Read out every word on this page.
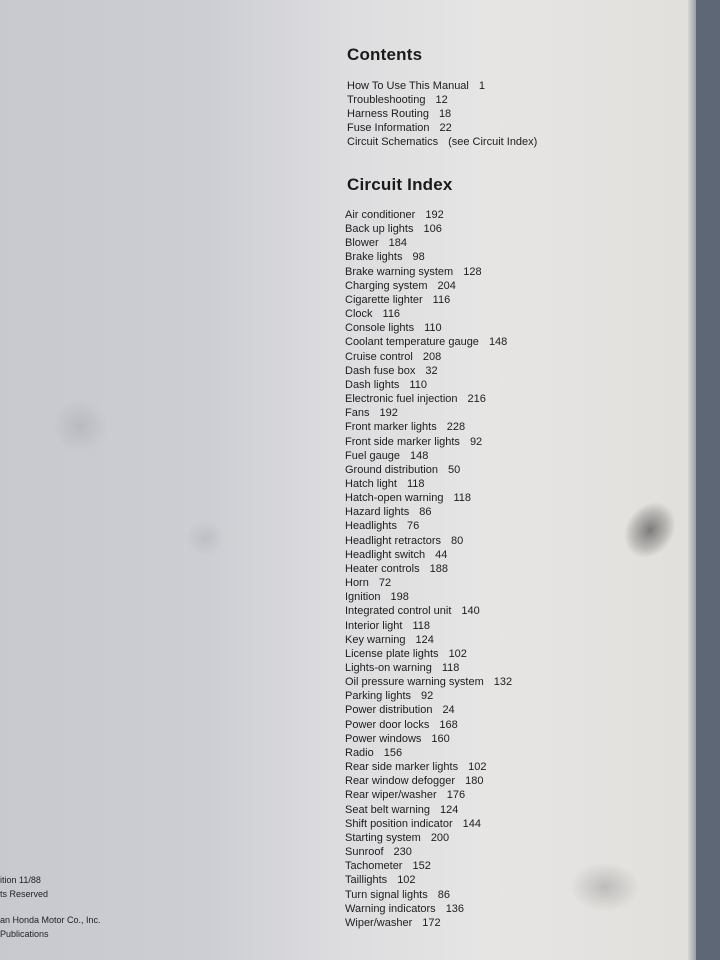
Contents
How To Use This Manual 1
Troubleshooting 12
Harness Routing 18
Fuse Information 22
Circuit Schematics (see Circuit Index)
Circuit Index
Air conditioner 192
Back up lights 106
Blower 184
Brake lights 98
Brake warning system 128
Charging system 204
Cigarette lighter 116
Clock 116
Console lights 110
Coolant temperature gauge 148
Cruise control 208
Dash fuse box 32
Dash lights 110
Electronic fuel injection 216
Fans 192
Front marker lights 228
Front side marker lights 92
Fuel gauge 148
Ground distribution 50
Hatch light 118
Hatch-open warning 118
Hazard lights 86
Headlights 76
Headlight retractors 80
Headlight switch 44
Heater controls 188
Horn 72
Ignition 198
Integrated control unit 140
Interior light 118
Key warning 124
License plate lights 102
Lights-on warning 118
Oil pressure warning system 132
Parking lights 92
Power distribution 24
Power door locks 168
Power windows 160
Radio 156
Rear side marker lights 102
Rear window defogger 180
Rear wiper/washer 176
Seat belt warning 124
Shift position indicator 144
Starting system 200
Sunroof 230
Tachometer 152
Taillights 102
Turn signal lights 86
Warning indicators 136
Wiper/washer 172
ition 11/88
ts Reserved
an Honda Motor Co., Inc.
Publications
